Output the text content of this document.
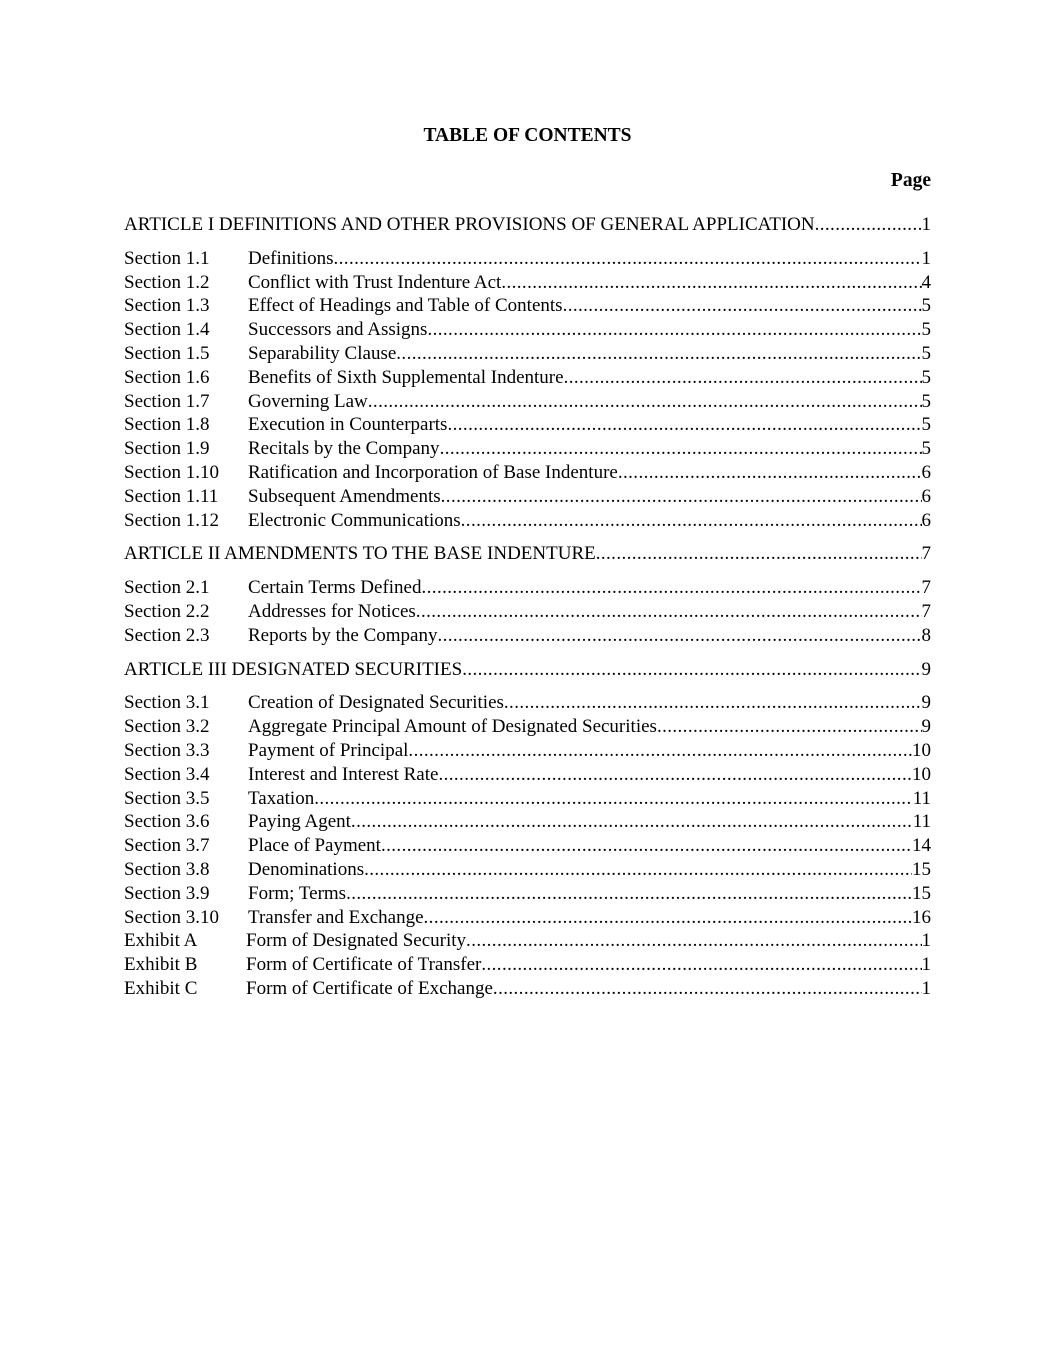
TABLE OF CONTENTS
Page
ARTICLE I DEFINITIONS AND OTHER PROVISIONS OF GENERAL APPLICATION .....	1
Section 1.1	Definitions .....	1
Section 1.2	Conflict with Trust Indenture Act .....	4
Section 1.3	Effect of Headings and Table of Contents .....	5
Section 1.4	Successors and Assigns .....	5
Section 1.5	Separability Clause .....	5
Section 1.6	Benefits of Sixth Supplemental Indenture .....	5
Section 1.7	Governing Law .....	5
Section 1.8	Execution in Counterparts .....	5
Section 1.9	Recitals by the Company .....	5
Section 1.10	Ratification and Incorporation of Base Indenture .....	6
Section 1.11	Subsequent Amendments .....	6
Section 1.12	Electronic Communications .....	6
ARTICLE II AMENDMENTS TO THE BASE INDENTURE .....	7
Section 2.1	Certain Terms Defined .....	7
Section 2.2	Addresses for Notices .....	7
Section 2.3	Reports by the Company .....	8
ARTICLE III DESIGNATED SECURITIES .....	9
Section 3.1	Creation of Designated Securities .....	9
Section 3.2	Aggregate Principal Amount of Designated Securities .....	9
Section 3.3	Payment of Principal .....	10
Section 3.4	Interest and Interest Rate .....	10
Section 3.5	Taxation .....	11
Section 3.6	Paying Agent .....	11
Section 3.7	Place of Payment .....	14
Section 3.8	Denominations .....	15
Section 3.9	Form; Terms .....	15
Section 3.10	Transfer and Exchange .....	16
Exhibit A	Form of Designated Security .....	1
Exhibit B	Form of Certificate of Transfer .....	1
Exhibit C	Form of Certificate of Exchange .....	1
